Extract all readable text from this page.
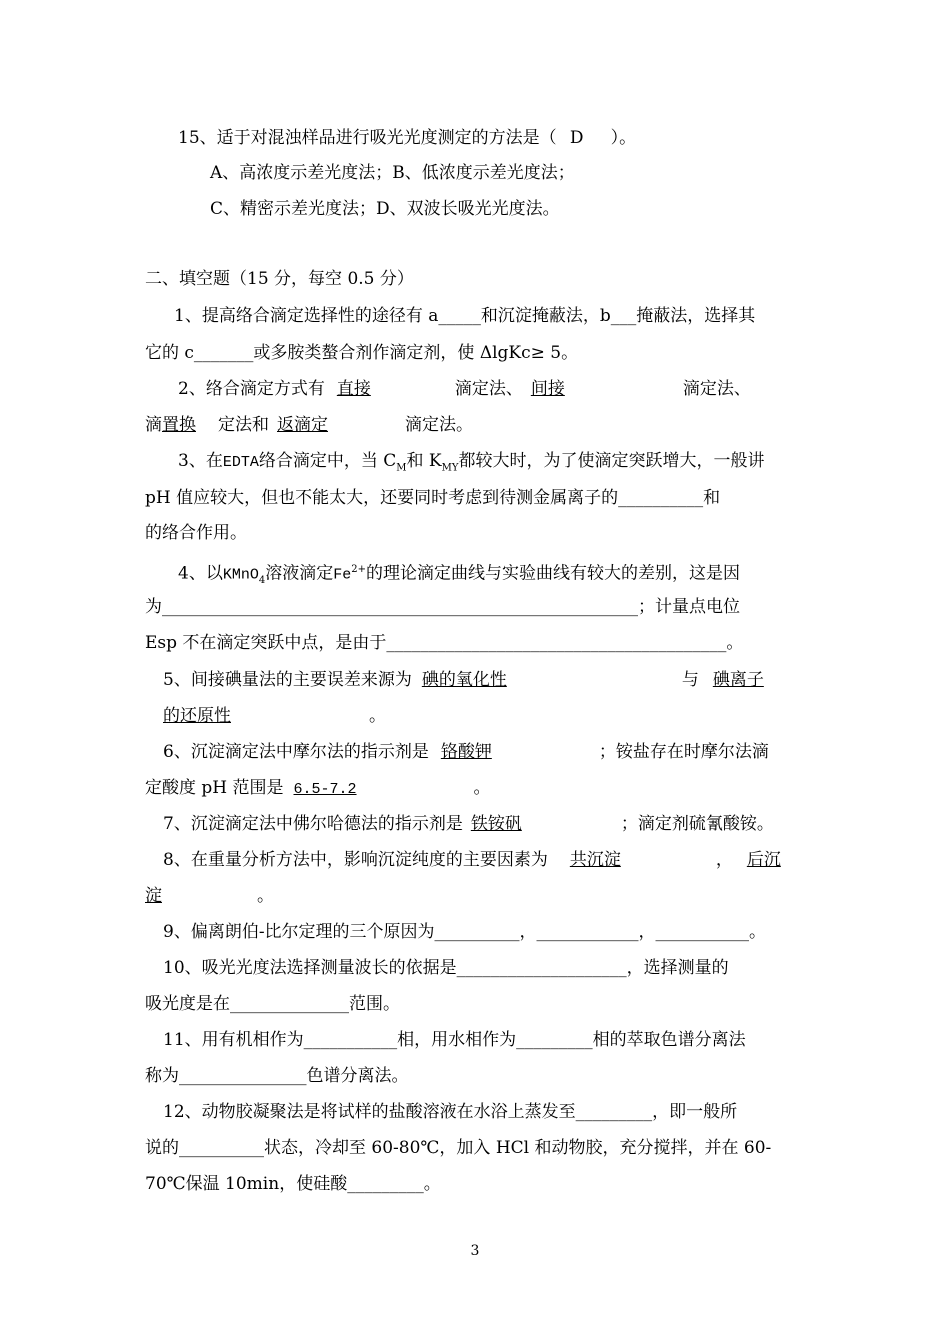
15、适于对混浊样品进行吸光光度测定的方法是（ D ）。
A、高浓度示差光度法；B、低浓度示差光度法；
C、精密示差光度法；D、双波长吸光光度法。
二、填空题（15 分，每空 0.5 分）
1、提高络合滴定选择性的途径有 a_____和沉淀掩蔽法，b___掩蔽法，选择其
它的 c_______或多胺类螯合剂作滴定剂，使 ΔlgKc≥ 5。
2、络合滴定方式有 直接	滴定法、 间接	滴定法、
滴置换 定法和 返滴定	滴定法。
3、在EDTA络合滴定中，当 $C_M$和 $K_{MY}$都较大时，为了使滴定突跃增大，一般讲
pH 值应较大，但也不能太大，还要同时考虑到待测金属离子的__________和
的络合作用。
4、以KMnO$_4$溶液滴定$Fe^{2+}$的理论滴定曲线与实验曲线有较大的差别，这是因
为________________________________________________________；计量点电位
Esp 不在滴定突跃中点，是由于________________________________________。
5、间接碘量法的主要误差来源为 碘的氧化性	与 碘离子
的还原性	。
6、沉淀滴定法中摩尔法的指示剂是 铬酸钾	；铵盐存在时摩尔法滴
定酸度 pH 范围是 6.5-7.2	。
7、沉淀滴定法中佛尔哈德法的指示剂是 铁铵矾	；滴定剂硫氰酸铵。
8、在重量分析方法中，影响沉淀纯度的主要因素为 共沉淀	， 后沉
淀	。
9、偏离朗伯-比尔定理的三个原因为__________，____________，___________。
10、吸光光度法选择测量波长的依据是____________________，选择测量的
吸光度是在______________范围。
11、用有机相作为___________相，用水相作为_________相的萃取色谱分离法
称为_______________色谱分离法。
12、动物胶凝聚法是将试样的盐酸溶液在水浴上蒸发至_________，即一般所
说的__________状态，冷却至 60-80℃，加入 HCl 和动物胶，充分搅拌，并在 60-
70℃保温 10min，使硅酸_________。
3
